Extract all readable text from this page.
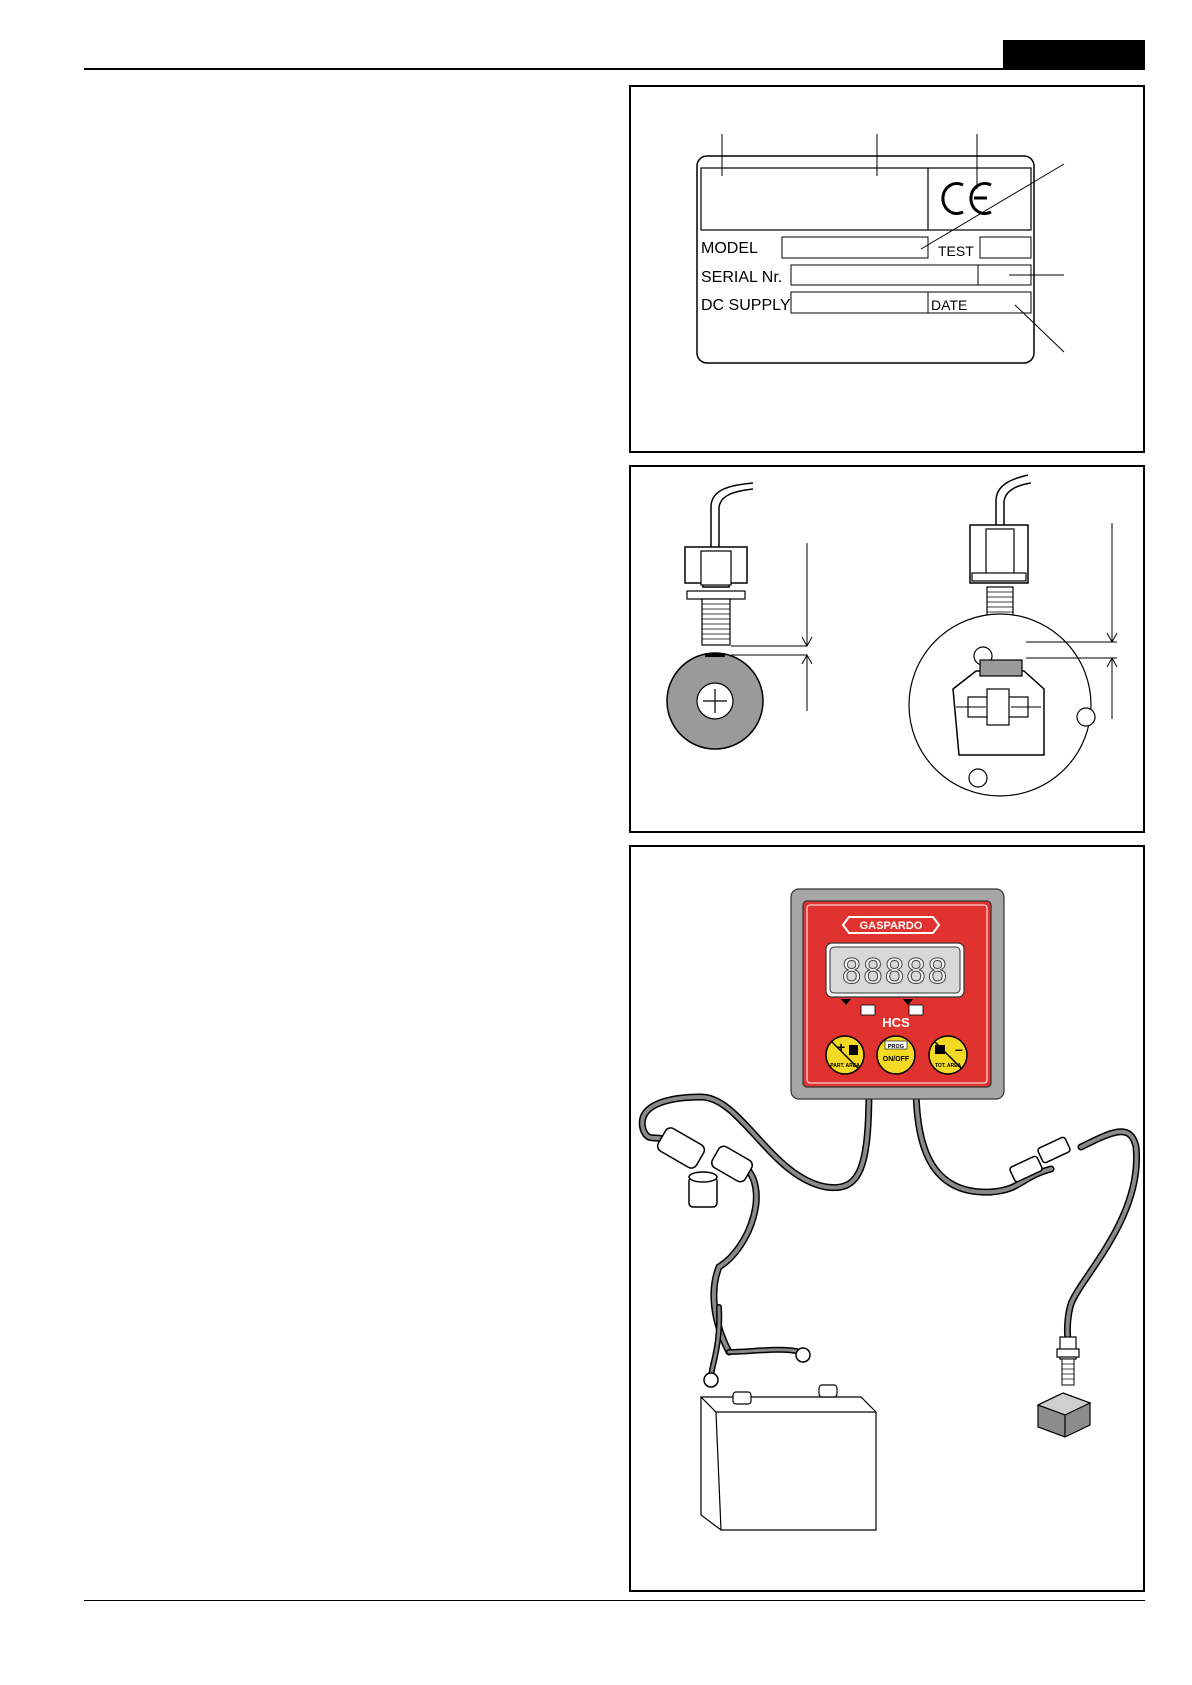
MODEL	TEST
SERIAL Nr.
DC SUPPLY	DATE
GASPARDO
88888
HCS
+
PART. AREA
PROG
ON/OFF
–
TOT. AREA
